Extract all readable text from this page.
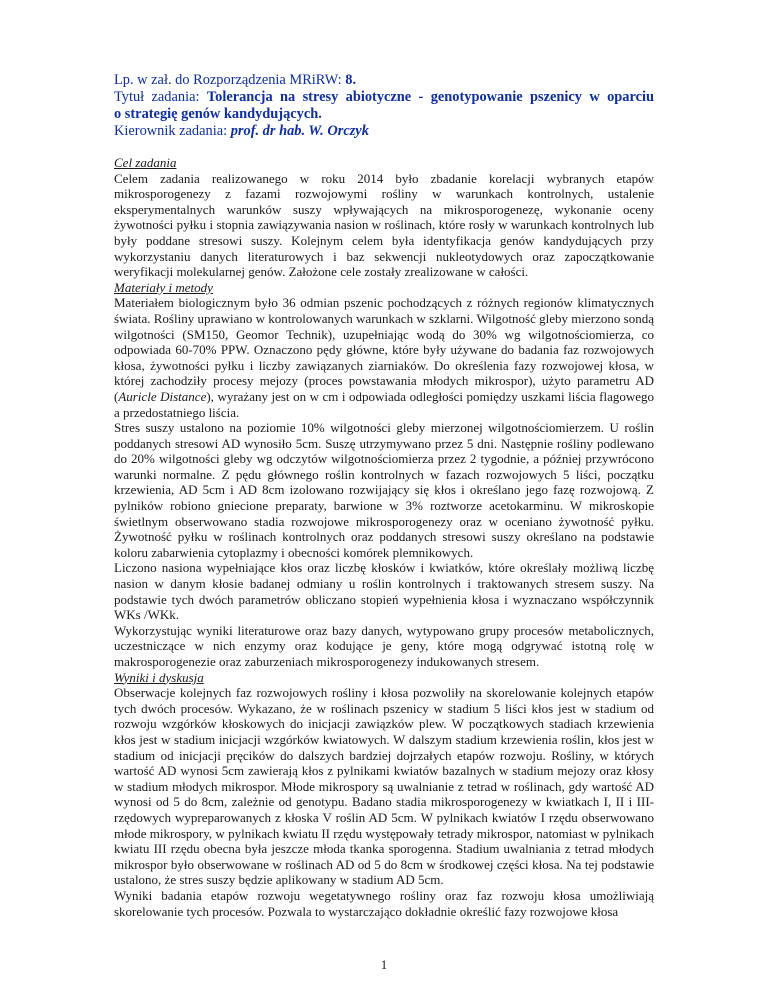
Lp. w zał. do Rozporządzenia MRiRW: 8.
Tytuł zadania: Tolerancja na stresy abiotyczne - genotypowanie pszenicy w oparciu
o strategię genów kandydujących.
Kierownik zadania: prof. dr hab. W. Orczyk
Cel zadania

Celem zadania realizowanego w roku 2014 było zbadanie korelacji wybranych etapów mikrosporogenezy z fazami rozwojowymi rośliny w warunkach kontrolnych, ustalenie eksperymentalnych warunków suszy wpływających na mikrosporogenezę, wykonanie oceny żywotności pyłku i stopnia zawiązywania nasion w roślinach, które rosły w warunkach kontrolnych lub były poddane stresowi suszy. Kolejnym celem była identyfikacja genów kandydujących przy wykorzystaniu danych literaturowych i baz sekwencji nukleotydowych oraz zapoczątkowanie weryfikacji molekularnej genów. Założone cele zostały zrealizowane w całości.

Materiały i metody

Materiałem biologicznym było 36 odmian pszenic pochodzących z różnych regionów klimatycznych świata. Rośliny uprawiano w kontrolowanych warunkach w szklarni. Wilgotność gleby mierzono sondą wilgotności (SM150, Geomor Technik), uzupełniając wodą do 30% wg wilgotnościomierza, co odpowiada 60-70% PPW. Oznaczono pędy główne, które były używane do badania faz rozwojowych kłosa, żywotności pyłku i liczby zawiązanych ziarniaków. Do określenia fazy rozwojowej kłosa, w której zachodziły procesy mejozy (proces powstawania młodych mikrospor), użyto parametru AD (Auricle Distance), wyrażany jest on w cm i odpowiada odległości pomiędzy uszkami liścia flagowego a przedostatniego liścia.

Stres suszy ustalono na poziomie 10% wilgotności gleby mierzonej wilgotnościomierzem. U roślin poddanych stresowi AD wynosiło 5cm. Suszę utrzymywano przez 5 dni. Następnie rośliny podlewano do 20% wilgotności gleby wg odczytów wilgotnościomierza przez 2 tygodnie, a później przywrócono warunki normalne. Z pędu głównego roślin kontrolnych w fazach rozwojowych 5 liści, początku krzewienia, AD 5cm i AD 8cm izolowano rozwijający się kłos i określano jego fazę rozwojową. Z pylników robiono gniecione preparaty, barwione w 3% roztworze acetokarminu. W mikroskopie świetlnym obserwowano stadia rozwojowe mikrosporogenezy oraz w oceniano żywotność pyłku. Żywotność pyłku w roślinach kontrolnych oraz poddanych stresowi suszy określano na podstawie koloru zabarwienia cytoplazmy i obecności komórek plemnikowych.

Liczono nasiona wypełniające kłos oraz liczbę kłosków i kwiatków, które określały możliwą liczbę nasion w danym kłosie badanej odmiany u roślin kontrolnych i traktowanych stresem suszy. Na podstawie tych dwóch parametrów obliczano stopień wypełnienia kłosa i wyznaczano współczynnik WKs /WKk.

Wykorzystując wyniki literaturowe oraz bazy danych, wytypowano grupy procesów metabolicznych, uczestniczące w nich enzymy oraz kodujące je geny, które mogą odgrywać istotną rolę w makrosporogenezie oraz zaburzeniach mikrosporogenezy indukowanych stresem.

Wyniki i dyskusja

Obserwacje kolejnych faz rozwojowych rośliny i kłosa pozwoliły na skorelowanie kolejnych etapów tych dwóch procesów. Wykazano, że w roślinach pszenicy w stadium 5 liści kłos jest w stadium od rozwoju wzgórków kłoskowych do inicjacji zawiązków plew. W początkowych stadiach krzewienia kłos jest w stadium inicjacji wzgórków kwiatowych. W dalszym stadium krzewienia roślin, kłos jest w stadium od inicjacji pręcików do dalszych bardziej dojrzałych etapów rozwoju. Rośliny, w których wartość AD wynosi 5cm zawierają kłos z pylnikami kwiatów bazalnych w stadium mejozy oraz kłosy w stadium młodych mikrospor. Młode mikrospory są uwalnianie z tetrad w roślinach, gdy wartość AD wynosi od 5 do 8cm, zależnie od genotypu. Badano stadia mikrosporogenezy w kwiatkach I, II i III-rzędowych wypreparowanych z kłoska V roślin AD 5cm. W pylnikach kwiatów I rzędu obserwowano młode mikrospory, w pylnikach kwiatu II rzędu występowały tetrady mikrospor, natomiast w pylnikach kwiatu III rzędu obecna była jeszcze młoda tkanka sporogenna. Stadium uwalniania z tetrad młodych mikrospor było obserwowane w roślinach AD od 5 do 8cm w środkowej części kłosa. Na tej podstawie ustalono, że stres suszy będzie aplikowany w stadium AD 5cm.

Wyniki badania etapów rozwoju wegetatywnego rośliny oraz faz rozwoju kłosa umożliwiają skorelowanie tych procesów. Pozwala to wystarczająco dokładnie określić fazy rozwojowe kłosa

1
